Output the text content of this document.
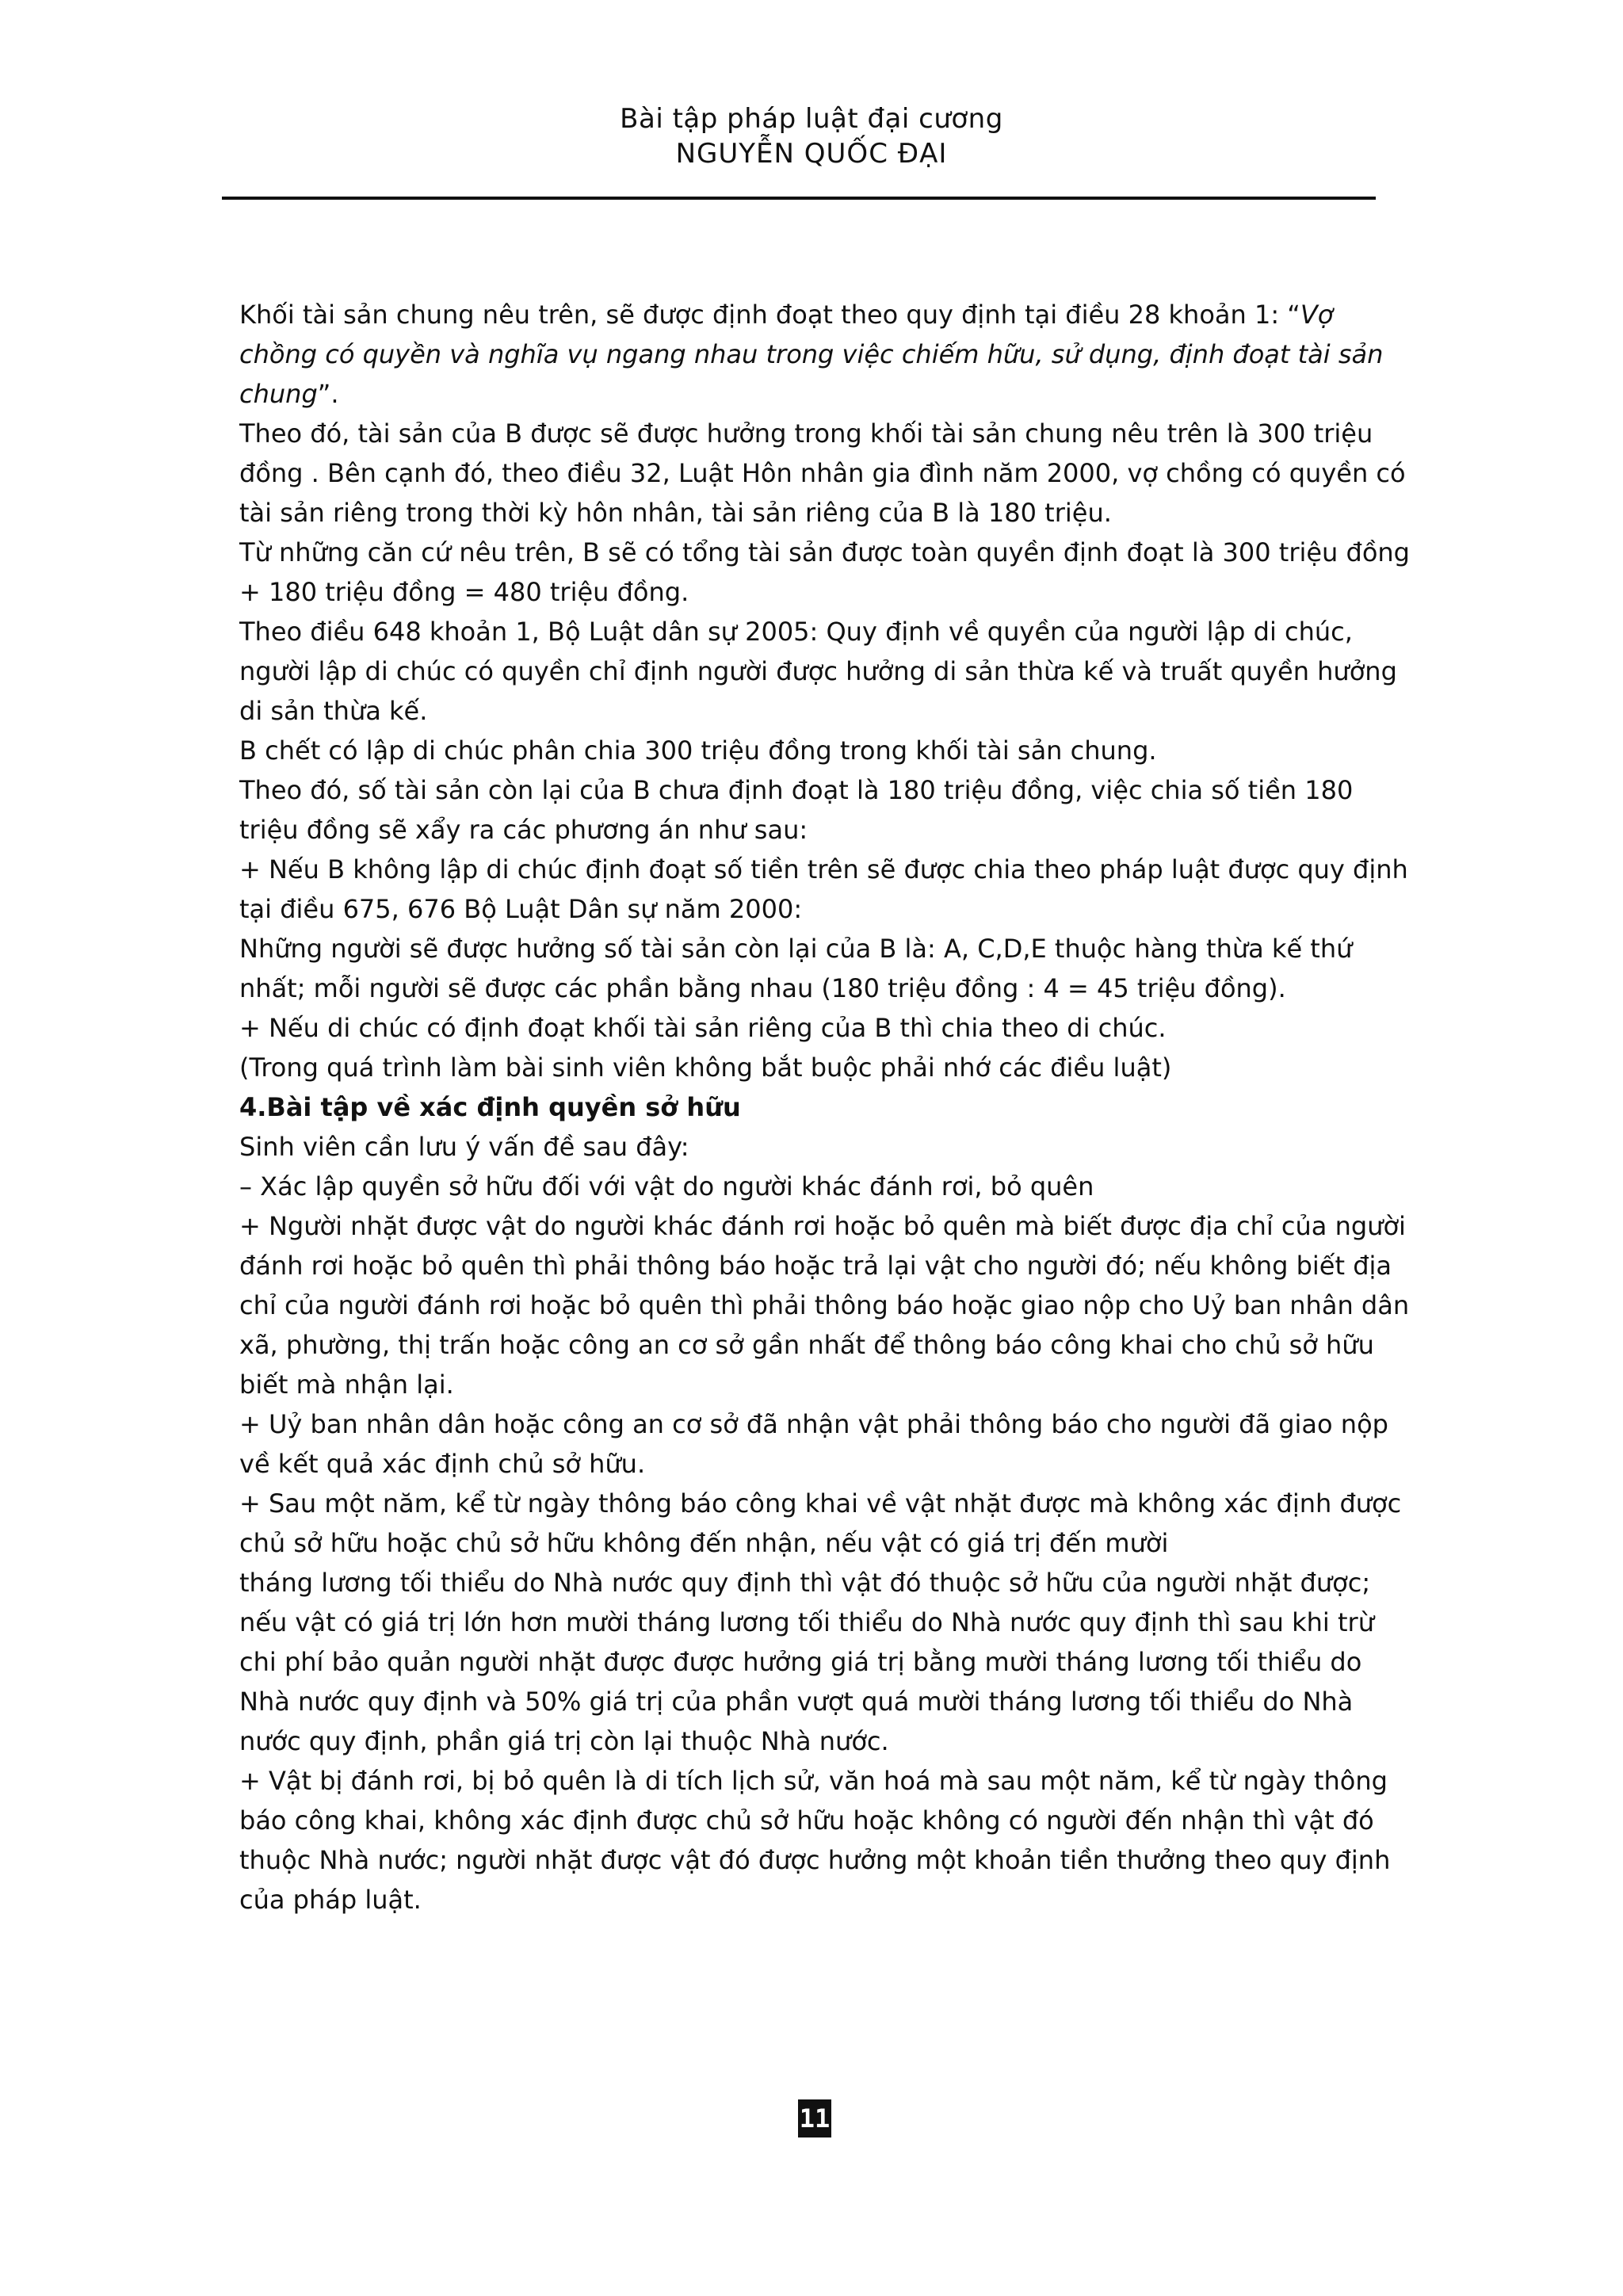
Bài tập pháp luật đại cương
NGUYỄN QUỐC ĐẠI

Khối tài sản chung nêu trên, sẽ được định đoạt theo quy định tại điều 28 khoản 1: “Vợ chồng có quyền và nghĩa vụ ngang nhau trong việc chiếm hữu, sử dụng, định đoạt tài sản chung”.

Theo đó, tài sản của B được sẽ được hưởng trong khối tài sản chung nêu trên là 300 triệu đồng . Bên cạnh đó, theo điều 32, Luật Hôn nhân gia đình năm 2000, vợ chồng có quyền có tài sản riêng trong thời kỳ hôn nhân, tài sản riêng của B là 180 triệu.

Từ những căn cứ nêu trên, B sẽ có tổng tài sản được toàn quyền định đoạt là 300 triệu đồng + 180 triệu đồng = 480 triệu đồng.

Theo điều 648 khoản 1, Bộ Luật dân sự 2005: Quy định về quyền của người lập di chúc, người lập di chúc có quyền chỉ định người được hưởng di sản thừa kế và truất quyền hưởng di sản thừa kế.

B chết có lập di chúc phân chia 300 triệu đồng trong khối tài sản chung.

Theo đó, số tài sản còn lại của B chưa định đoạt là 180 triệu đồng, việc chia số tiền 180 triệu đồng sẽ xẩy ra các phương án như sau:

+ Nếu B không lập di chúc định đoạt số tiền trên sẽ được chia theo pháp luật được quy định tại điều 675, 676 Bộ Luật Dân sự năm 2000:

Những người sẽ được hưởng số tài sản còn lại của B là: A, C,D,E thuộc hàng thừa kế thứ nhất; mỗi người sẽ được các phần bằng nhau (180 triệu đồng : 4 = 45 triệu đồng).

+ Nếu di chúc có định đoạt khối tài sản riêng của B thì chia theo di chúc.

(Trong quá trình làm bài sinh viên không bắt buộc phải nhớ các điều luật)

4.Bài tập về xác định quyền sở hữu

Sinh viên cần lưu ý vấn đề sau đây:

– Xác lập quyền sở hữu đối với vật do người khác đánh rơi, bỏ quên

+ Người nhặt được vật do người khác đánh rơi hoặc bỏ quên mà biết được địa chỉ của người đánh rơi hoặc bỏ quên thì phải thông báo hoặc trả lại vật cho người đó; nếu không biết địa chỉ của người đánh rơi hoặc bỏ quên thì phải thông báo hoặc giao nộp cho Uỷ ban nhân dân xã, phường, thị trấn hoặc công an cơ sở gần nhất để thông báo công khai cho chủ sở hữu biết mà nhận lại.

+ Uỷ ban nhân dân hoặc công an cơ sở đã nhận vật phải thông báo cho người đã giao nộp về kết quả xác định chủ sở hữu.

+ Sau một năm, kể từ ngày thông báo công khai về vật nhặt được mà không xác định được chủ sở hữu hoặc chủ sở hữu không đến nhận, nếu vật có giá trị đến mười

tháng lương tối thiểu do Nhà nước quy định thì vật đó thuộc sở hữu của người nhặt được; nếu vật có giá trị lớn hơn mười tháng lương tối thiểu do Nhà nước quy định thì sau khi trừ chi phí bảo quản người nhặt được được hưởng giá trị bằng mười tháng lương tối thiểu do Nhà nước quy định và 50% giá trị của phần vượt quá mười tháng lương tối thiểu do Nhà nước quy định, phần giá trị còn lại thuộc Nhà nước.

+ Vật bị đánh rơi, bị bỏ quên là di tích lịch sử, văn hoá mà sau một năm, kể từ ngày thông báo công khai, không xác định được chủ sở hữu hoặc không có người đến nhận thì vật đó thuộc Nhà nước; người nhặt được vật đó được hưởng một khoản tiền thưởng theo quy định của pháp luật.

11
